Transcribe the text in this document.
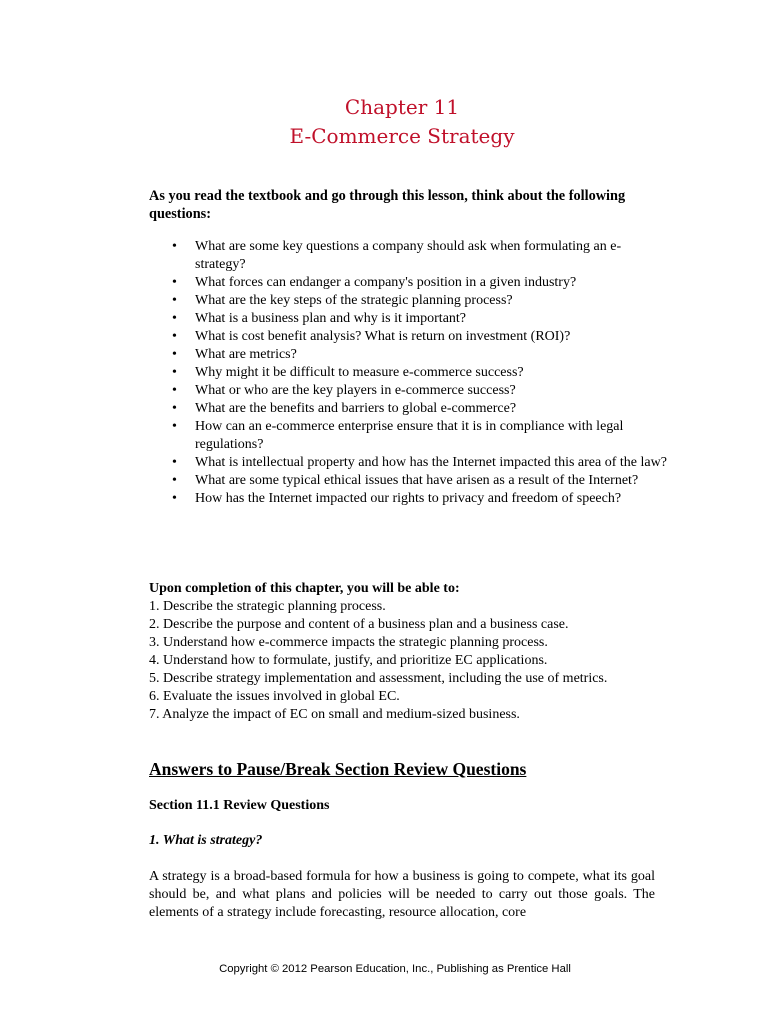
Chapter 11
E-Commerce Strategy
As you read the textbook and go through this lesson, think about the following questions:
• What are some key questions a company should ask when formulating an e-strategy?
• What forces can endanger a company's position in a given industry?
• What are the key steps of the strategic planning process?
• What is a business plan and why is it important?
• What is cost benefit analysis? What is return on investment (ROI)?
• What are metrics?
• Why might it be difficult to measure e-commerce success?
• What or who are the key players in e-commerce success?
• What are the benefits and barriers to global e-commerce?
• How can an e-commerce enterprise ensure that it is in compliance with legal regulations?
• What is intellectual property and how has the Internet impacted this area of the law?
• What are some typical ethical issues that have arisen as a result of the Internet?
• How has the Internet impacted our rights to privacy and freedom of speech?
Upon completion of this chapter, you will be able to:
1. Describe the strategic planning process.
2. Describe the purpose and content of a business plan and a business case.
3. Understand how e-commerce impacts the strategic planning process.
4. Understand how to formulate, justify, and prioritize EC applications.
5. Describe strategy implementation and assessment, including the use of metrics.
6. Evaluate the issues involved in global EC.
7. Analyze the impact of EC on small and medium-sized business.
Answers to Pause/Break Section Review Questions
Section 11.1 Review Questions
1. What is strategy?
A strategy is a broad-based formula for how a business is going to compete, what its goal should be, and what plans and policies will be needed to carry out those goals. The elements of a strategy include forecasting, resource allocation, core
Copyright © 2012 Pearson Education, Inc., Publishing as Prentice Hall
